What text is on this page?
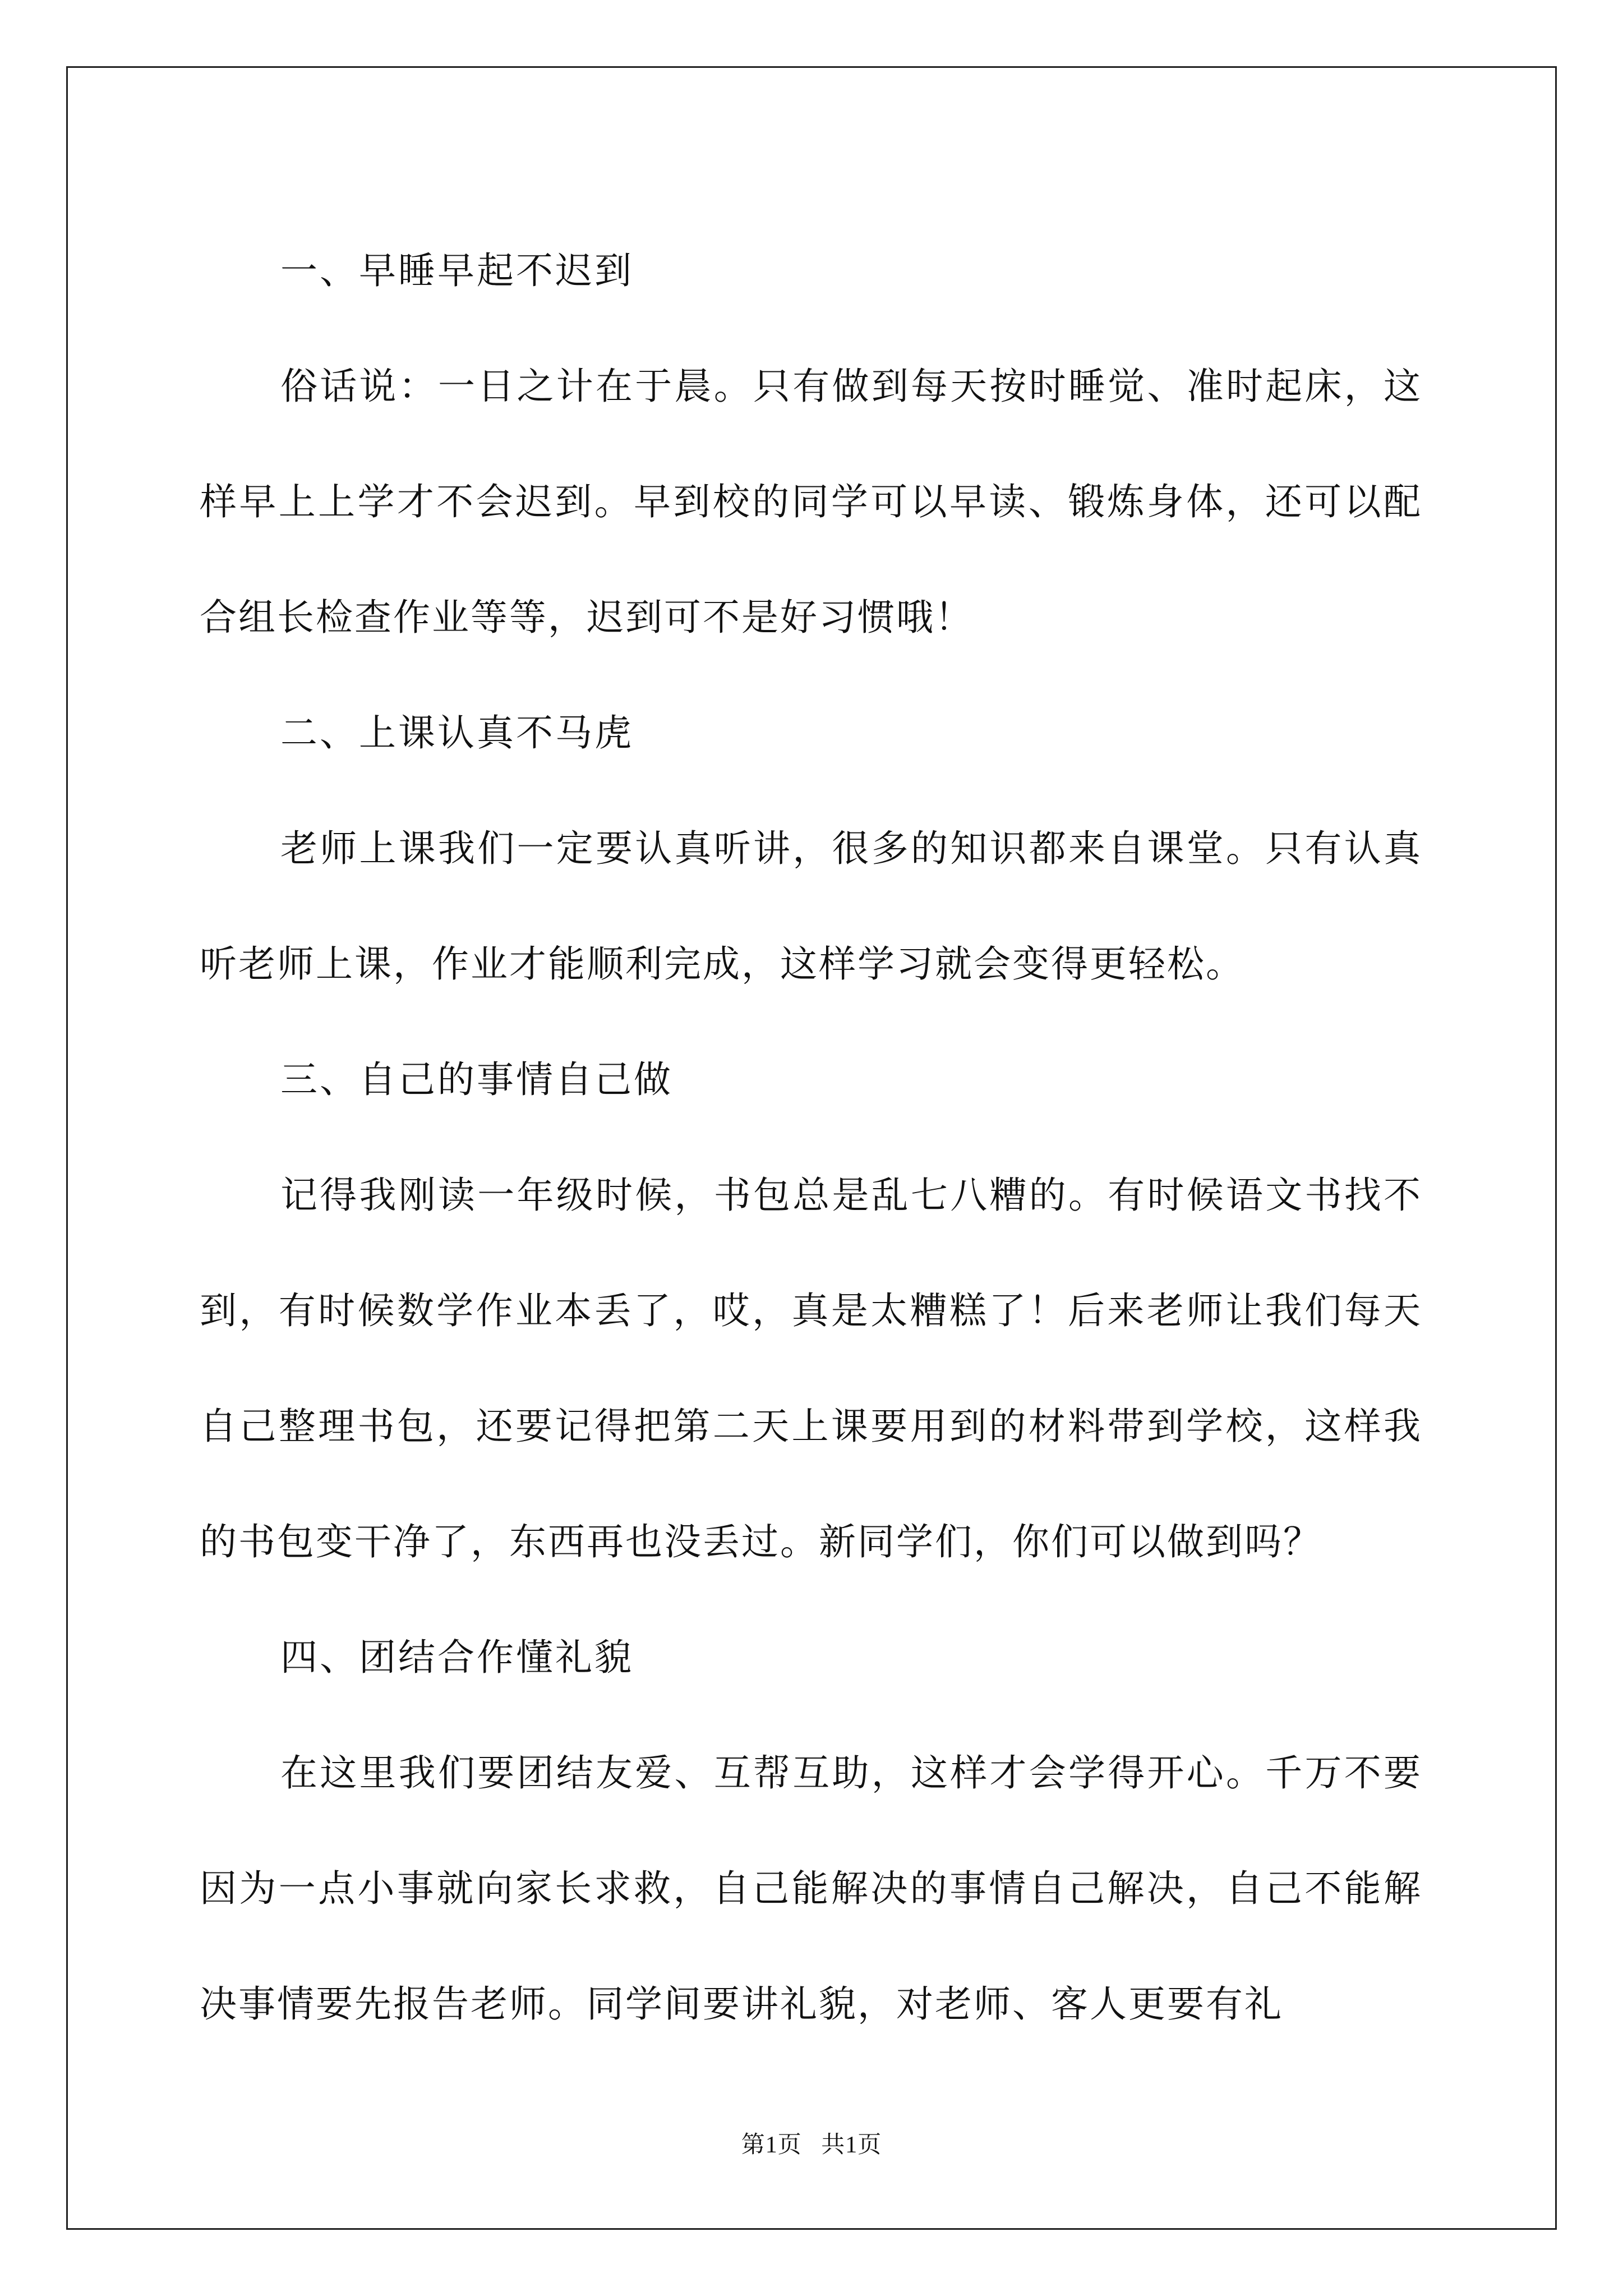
一、早睡早起不迟到

俗话说：一日之计在于晨。只有做到每天按时睡觉、准时起床，这样早上上学才不会迟到。早到校的同学可以早读、锻炼身体，还可以配合组长检查作业等等，迟到可不是好习惯哦！

二、上课认真不马虎

老师上课我们一定要认真听讲，很多的知识都来自课堂。只有认真听老师上课，作业才能顺利完成，这样学习就会变得更轻松。

三、自己的事情自己做

记得我刚读一年级时候，书包总是乱七八糟的。有时候语文书找不到，有时候数学作业本丢了，哎，真是太糟糕了！后来老师让我们每天自己整理书包，还要记得把第二天上课要用到的材料带到学校，这样我的书包变干净了，东西再也没丢过。新同学们，你们可以做到吗？

四、团结合作懂礼貌

在这里我们要团结友爱、互帮互助，这样才会学得开心。千万不要因为一点小事就向家长求救，自己能解决的事情自己解决，自己不能解决事情要先报告老师。同学间要讲礼貌，对老师、客人更要有礼

第1页 共1页
